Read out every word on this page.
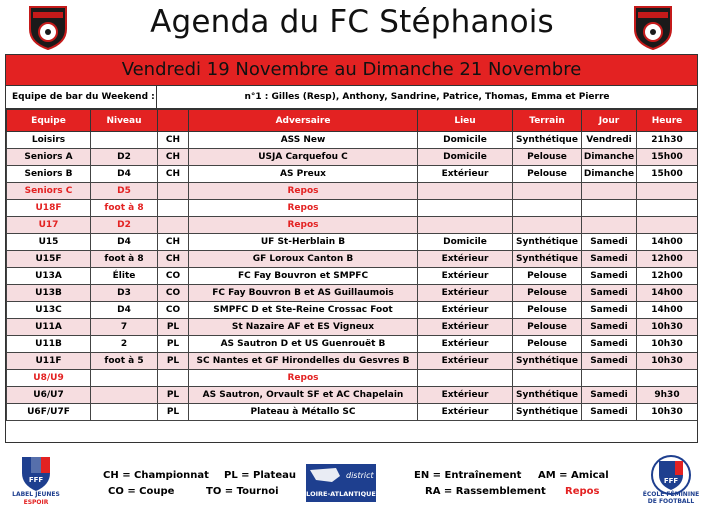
Agenda du FC Stéphanois
Vendredi 19 Novembre au Dimanche 21 Novembre
Equipe de bar du Weekend :	n°1 : Gilles (Resp), Anthony, Sandrine, Patrice, Thomas, Emma et Pierre
Equipe	Niveau		Adversaire	Lieu	Terrain	Jour	Heure
Loisirs		CH	ASS New	Domicile	Synthétique	Vendredi	21h30
Seniors A	D2	CH	USJA Carquefou C	Domicile	Pelouse	Dimanche	15h00
Seniors B	D4	CH	AS Preux	Extérieur	Pelouse	Dimanche	15h00
Seniors C	D5		Repos				
U18F	foot à 8		Repos				
U17	D2		Repos				
U15	D4	CH	UF St-Herblain B	Domicile	Synthétique	Samedi	14h00
U15F	foot à 8	CH	GF Loroux Canton B	Extérieur	Synthétique	Samedi	12h00
U13A	Élite	CO	FC Fay Bouvron et SMPFC	Extérieur	Pelouse	Samedi	12h00
U13B	D3	CO	FC Fay Bouvron B et AS Guillaumois	Extérieur	Pelouse	Samedi	14h00
U13C	D4	CO	SMPFC D et Ste-Reine Crossac Foot	Extérieur	Pelouse	Samedi	14h00
U11A	7	PL	St Nazaire AF et ES Vigneux	Extérieur	Pelouse	Samedi	10h30
U11B	2	PL	AS Sautron D et US Guenrouët B	Extérieur	Pelouse	Samedi	10h30
U11F	foot à 5	PL	SC Nantes et GF Hirondelles du Gesvres B	Extérieur	Synthétique	Samedi	10h30
U8/U9			Repos				
U6/U7		PL	AS Sautron, Orvault SF et AC Chapelain	Extérieur	Synthétique	Samedi	9h30
U6F/U7F		PL	Plateau à Métallo SC	Extérieur	Synthétique	Samedi	10h30
FFF
LABEL JEUNES
ESPOIR
CH = Championnat
CO = Coupe
PL = Plateau
TO = Tournoi
district
LOIRE-ATLANTIQUE
EN = Entraînement
RA = Rassemblement
AM = Amical
Repos
FFF
ÉCOLE FÉMININE DE FOOTBALL
